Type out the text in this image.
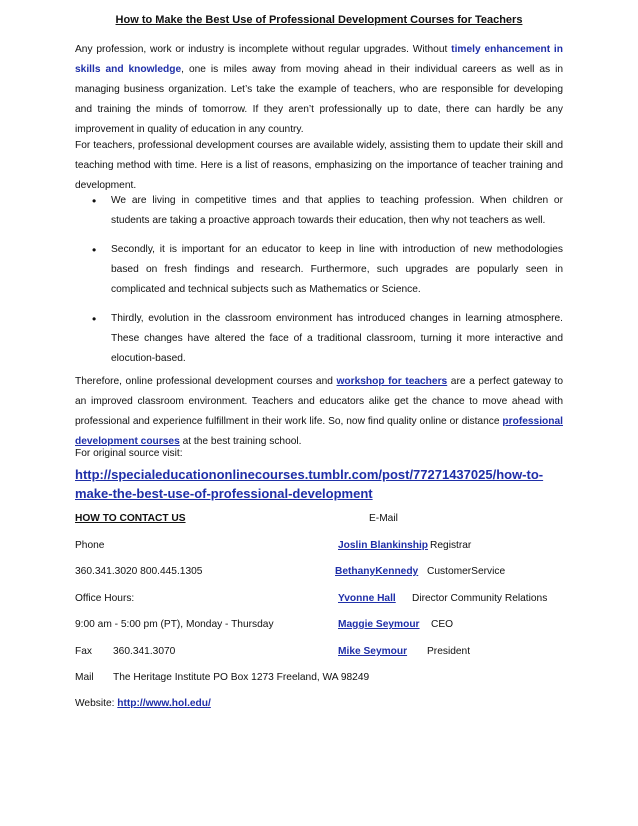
How to Make the Best Use of Professional Development Courses for Teachers

Any profession, work or industry is incomplete without regular upgrades. Without timely enhancement in skills and knowledge, one is miles away from moving ahead in their individual careers as well as in managing business organization. Let’s take the example of teachers, who are responsible for developing and training the minds of tomorrow. If they aren’t professionally up to date, there can hardly be any improvement in quality of education in any country.

For teachers, professional development courses are available widely, assisting them to update their skill and teaching method with time. Here is a list of reasons, emphasizing on the importance of teacher training and development.

• We are living in competitive times and that applies to teaching profession. When children or students are taking a proactive approach towards their education, then why not teachers as well.
• Secondly, it is important for an educator to keep in line with introduction of new methodologies based on fresh findings and research. Furthermore, such upgrades are popularly seen in complicated and technical subjects such as Mathematics or Science.
• Thirdly, evolution in the classroom environment has introduced changes in learning atmosphere. These changes have altered the face of a traditional classroom, turning it more interactive and elocution-based.

Therefore, online professional development courses and workshop for teachers are a perfect gateway to an improved classroom environment. Teachers and educators alike get the chance to move ahead with professional and experience fulfillment in their work life. So, now find quality online or distance professional development courses at the best training school.

For original source visit:
http://specialeducationonlinecourses.tumblr.com/post/77271437025/how-to-make-the-best-use-of-professional-development
HOW TO CONTACT US	E-Mail
Phone	Joslin Blankinship Registrar
360.341.3020 800.445.1305	BethanyKennedy CustomerService
Office Hours:	Yvonne Hall Director Community Relations
9:00 am - 5:00 pm (PT), Monday - Thursday	Maggie Seymour CEO
Fax 360.341.3070	Mike Seymour President
Mail The Heritage Institute PO Box 1273 Freeland, WA 98249
Website: http://www.hol.edu/
